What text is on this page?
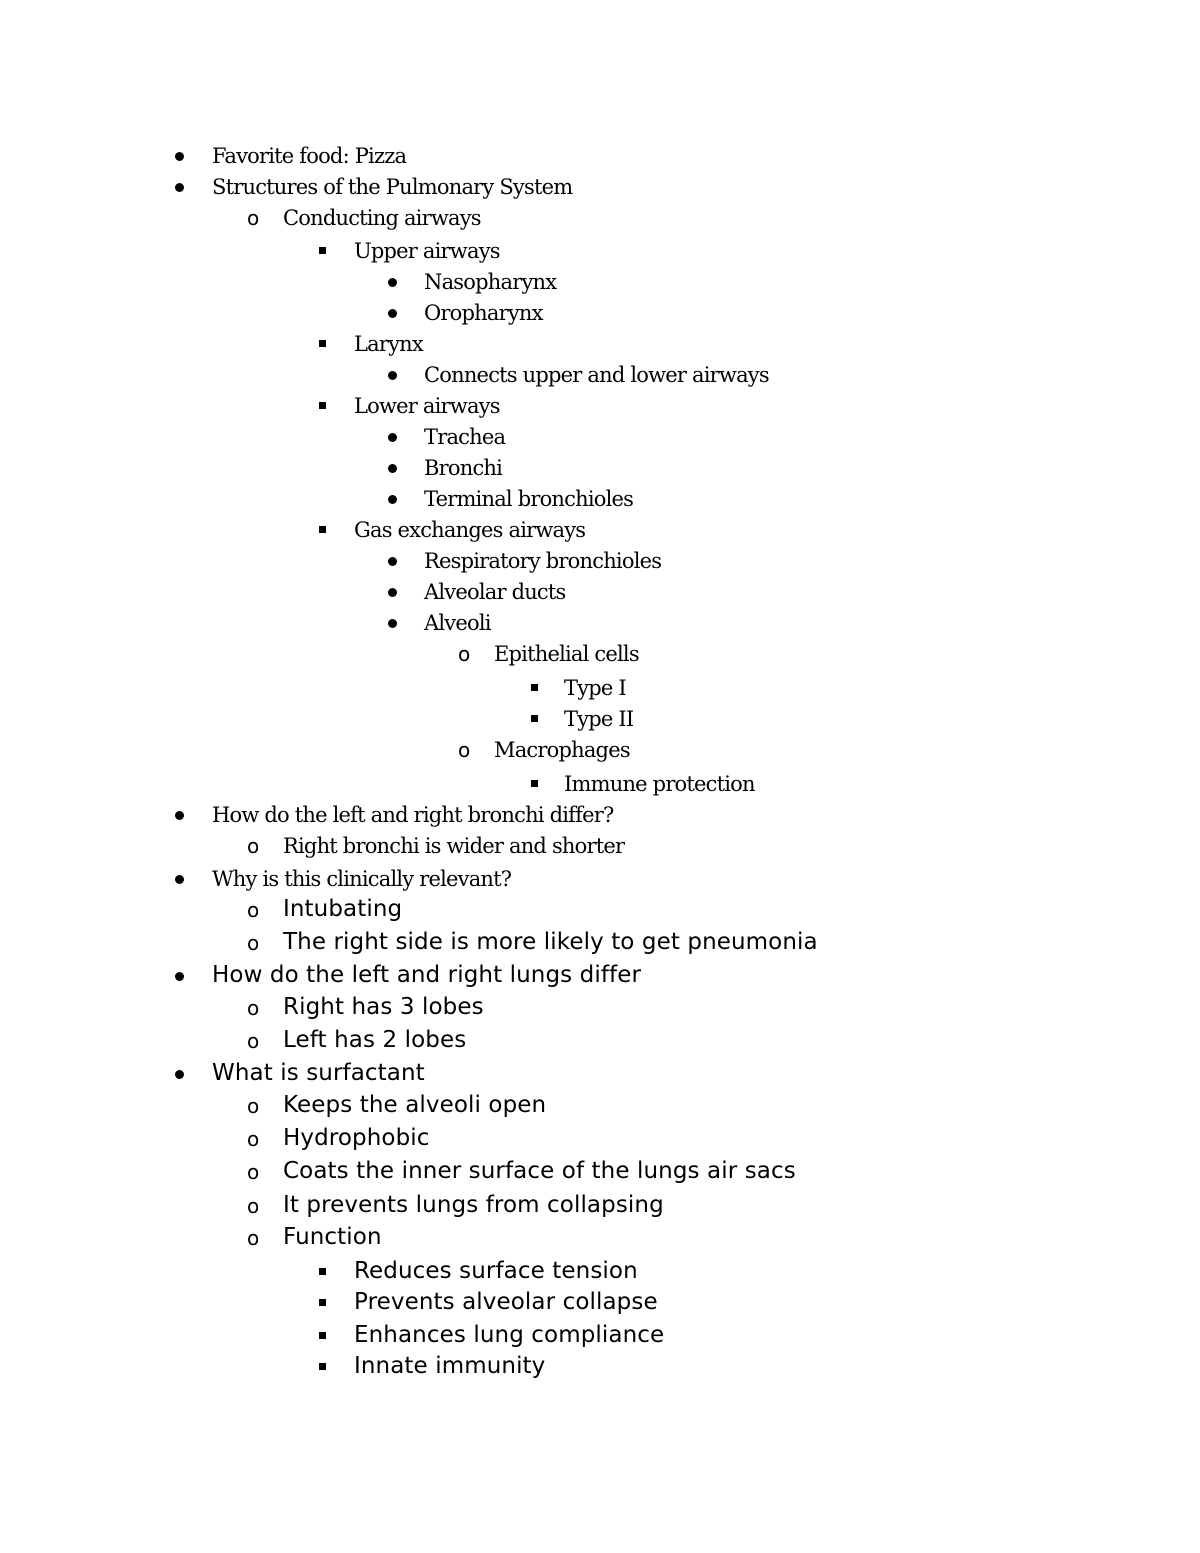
Favorite food: Pizza
Structures of the Pulmonary System
o Conducting airways
Upper airways
Nasopharynx
Oropharynx
Larynx
Connects upper and lower airways
Lower airways
Trachea
Bronchi
Terminal bronchioles
Gas exchanges airways
Respiratory bronchioles
Alveolar ducts
Alveoli
o Epithelial cells
Type I
Type II
o Macrophages
Immune protection
How do the left and right bronchi differ?
o Right bronchi is wider and shorter
Why is this clinically relevant?
o Intubating
o The right side is more likely to get pneumonia
How do the left and right lungs differ
o Right has 3 lobes
o Left has 2 lobes
What is surfactant
o Keeps the alveoli open
o Hydrophobic
o Coats the inner surface of the lungs air sacs
o It prevents lungs from collapsing
o Function
Reduces surface tension
Prevents alveolar collapse
Enhances lung compliance
Innate immunity
